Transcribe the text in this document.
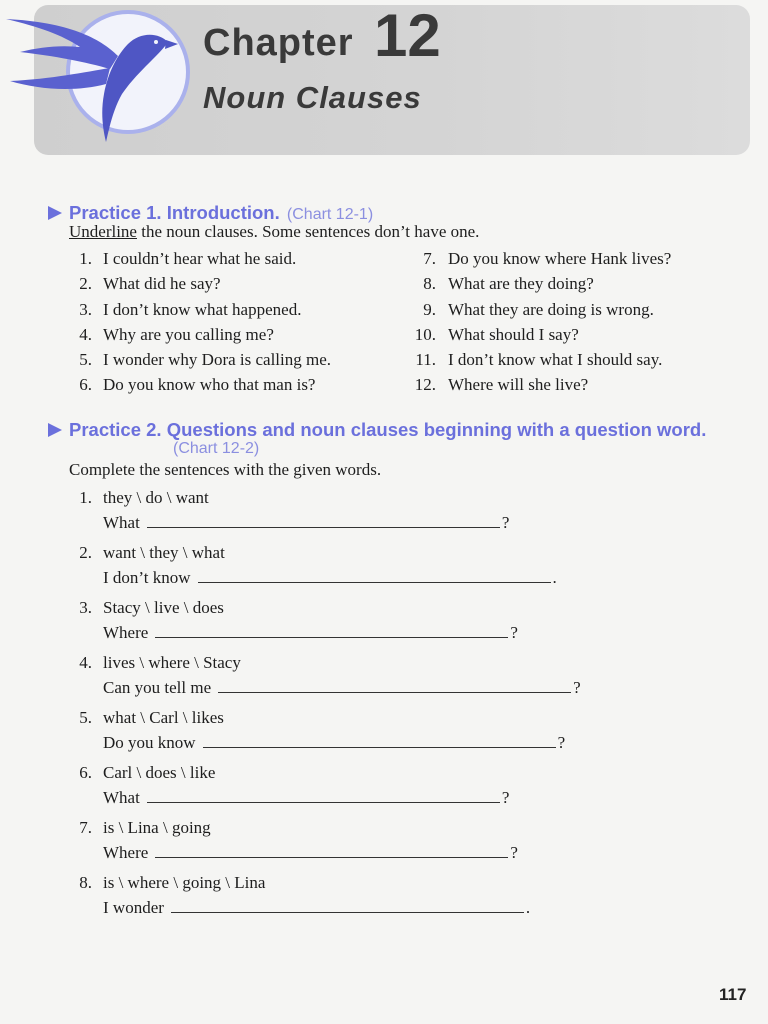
Chapter 12
Noun Clauses
Practice 1. Introduction. (Chart 12-1)
Underline the noun clauses. Some sentences don’t have one.
1. I couldn’t hear what he said.
2. What did he say?
3. I don’t know what happened.
4. Why are you calling me?
5. I wonder why Dora is calling me.
6. Do you know who that man is?
7. Do you know where Hank lives?
8. What are they doing?
9. What they are doing is wrong.
10. What should I say?
11. I don’t know what I should say.
12. Where will she live?
Practice 2. Questions and noun clauses beginning with a question word.
(Chart 12-2)
Complete the sentences with the given words.
1. they \ do \ want
What	?
2. want \ they \ what
I don’t know	.
3. Stacy \ live \ does
Where	?
4. lives \ where \ Stacy
Can you tell me	?
5. what \ Carl \ likes
Do you know	?
6. Carl \ does \ like
What	?
7. is \ Lina \ going
Where	?
8. is \ where \ going \ Lina
I wonder	.
117
